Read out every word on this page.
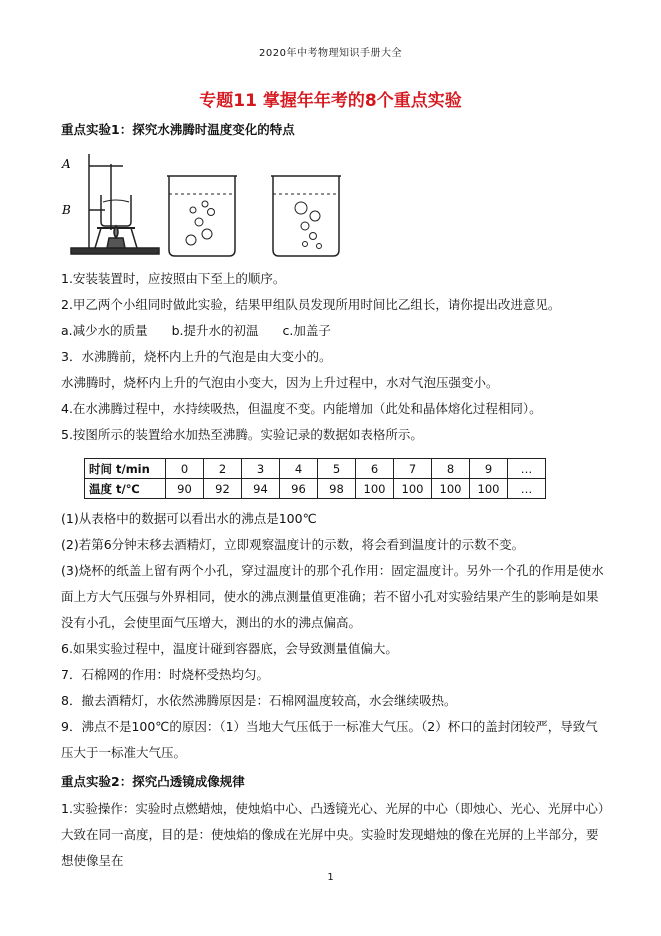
2020年中考物理知识手册大全
专题11 掌握年年考的8个重点实验
重点实验1：探究水沸腾时温度变化的特点
A
B
1.安装装置时，应按照由下至上的顺序。
2.甲乙两个小组同时做此实验，结果甲组队员发现所用时间比乙组长，请你提出改进意见。
a.减少水的质量 b.提升水的初温 c.加盖子
3．水沸腾前，烧杯内上升的气泡是由大变小的。
水沸腾时，烧杯内上升的气泡由小变大，因为上升过程中，水对气泡压强变小。
4.在水沸腾过程中，水持续吸热，但温度不变。内能增加（此处和晶体熔化过程相同）。
5.按图所示的装置给水加热至沸腾。实验记录的数据如表格所示。
时间 t/min	0	2	3	4	5	6	7	8	9	…
温度 t/℃	90	92	94	96	98	100	100	100	100	…
(1)从表格中的数据可以看出水的沸点是100℃
(2)若第6分钟末移去酒精灯，立即观察温度计的示数，将会看到温度计的示数不变。
(3)烧杯的纸盖上留有两个小孔，穿过温度计的那个孔作用：固定温度计。另外一个孔的作用是使水面上方大气压强与外界相同，使水的沸点测量值更准确；若不留小孔对实验结果产生的影响是如果没有小孔，会使里面气压增大，测出的水的沸点偏高。
6.如果实验过程中，温度计碰到容器底，会导致测量值偏大。
7．石棉网的作用：时烧杯受热均匀。
8．撤去酒精灯，水依然沸腾原因是：石棉网温度较高，水会继续吸热。
9．沸点不是100℃的原因：（1）当地大气压低于一标准大气压。（2）杯口的盖封闭较严，导致气压大于一标准大气压。
重点实验2：探究凸透镜成像规律
1.实验操作：实验时点燃蜡烛，使烛焰中心、凸透镜光心、光屏的中心（即烛心、光心、光屏中心）大致在同一高度，目的是：使烛焰的像成在光屏中央。实验时发现蜡烛的像在光屏的上半部分，要想使像呈在
1
